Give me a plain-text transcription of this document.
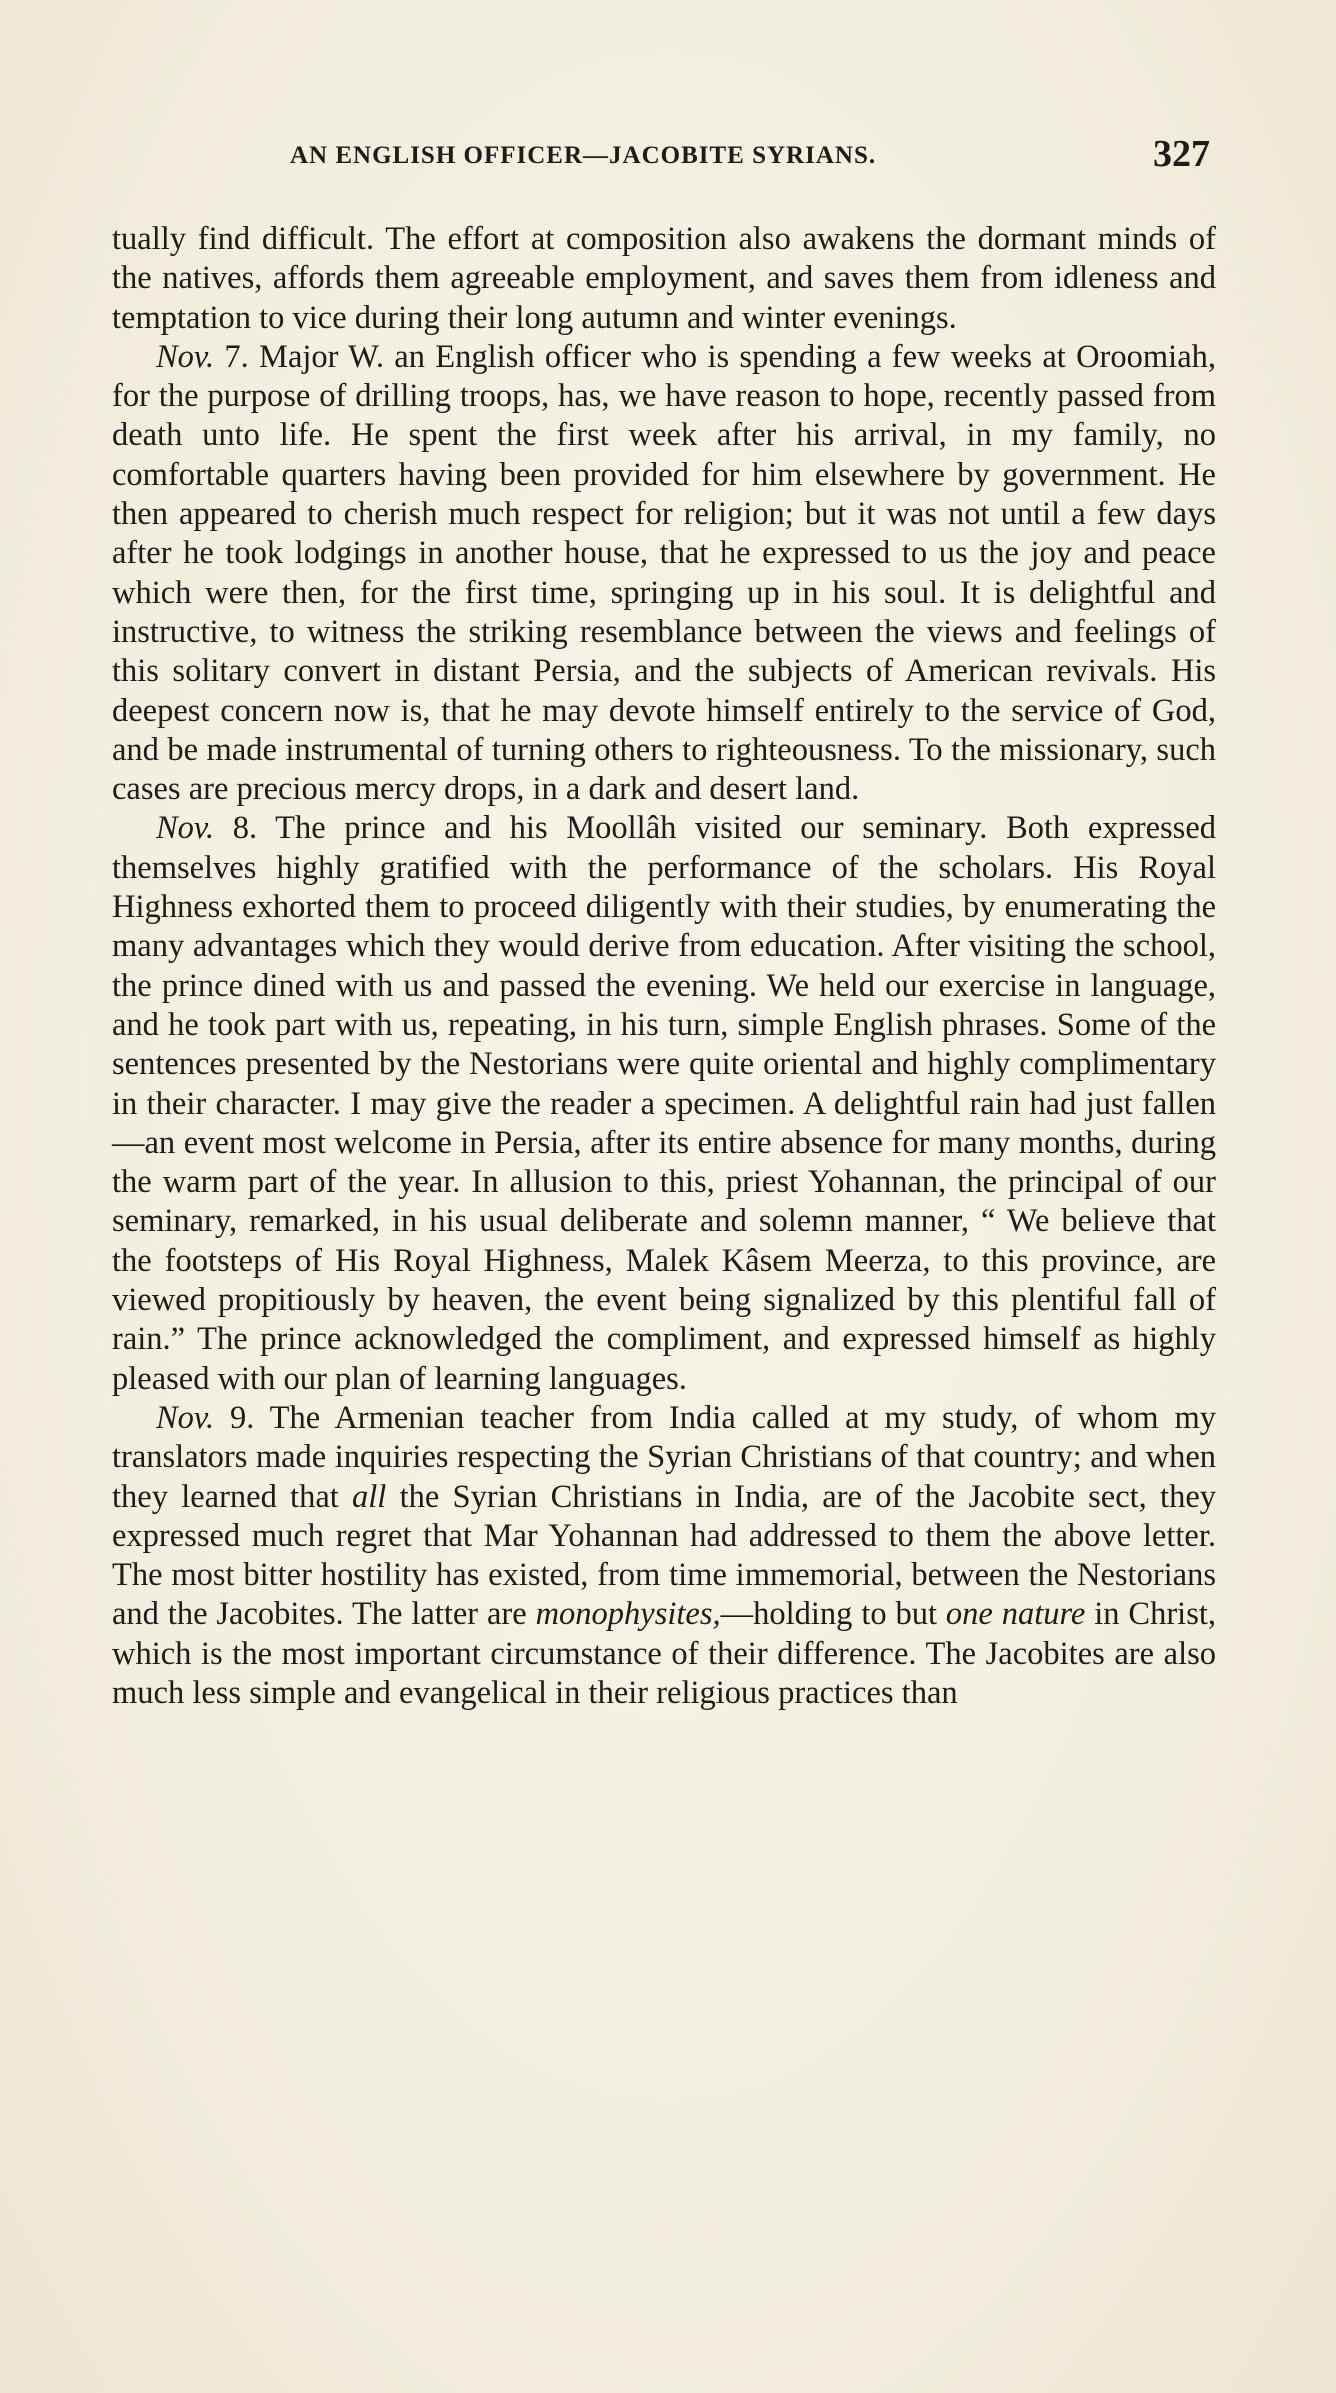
AN ENGLISH OFFICER—JACOBITE SYRIANS.	327

tually find difficult. The effort at composition also awakens the dormant minds of the natives, affords them agreeable employment, and saves them from idleness and temptation to vice during their long autumn and winter evenings.

Nov. 7. Major W. an English officer who is spending a few weeks at Oroomiah, for the purpose of drilling troops, has, we have reason to hope, recently passed from death unto life. He spent the first week after his arrival, in my family, no comfortable quarters having been provided for him elsewhere by government. He then appeared to cherish much respect for religion; but it was not until a few days after he took lodgings in another house, that he expressed to us the joy and peace which were then, for the first time, springing up in his soul. It is delightful and instructive, to witness the striking resemblance between the views and feelings of this solitary convert in distant Persia, and the subjects of American revivals. His deepest concern now is, that he may devote himself entirely to the service of God, and be made instrumental of turning others to righteousness. To the missionary, such cases are precious mercy drops, in a dark and desert land.

Nov. 8. The prince and his Moollâh visited our seminary. Both expressed themselves highly gratified with the performance of the scholars. His Royal Highness exhorted them to proceed diligently with their studies, by enumerating the many advantages which they would derive from education. After visiting the school, the prince dined with us and passed the evening. We held our exercise in language, and he took part with us, repeating, in his turn, simple English phrases. Some of the sentences presented by the Nestorians were quite oriental and highly complimentary in their character. I may give the reader a specimen. A delightful rain had just fallen—an event most welcome in Persia, after its entire absence for many months, during the warm part of the year. In allusion to this, priest Yohannan, the principal of our seminary, remarked, in his usual deliberate and solemn manner, “ We believe that the footsteps of His Royal Highness, Malek Kâsem Meerza, to this province, are viewed propitiously by heaven, the event being signalized by this plentiful fall of rain.” The prince acknowledged the compliment, and expressed himself as highly pleased with our plan of learning languages.

Nov. 9. The Armenian teacher from India called at my study, of whom my translators made inquiries respecting the Syrian Christians of that country; and when they learned that all the Syrian Christians in India, are of the Jacobite sect, they expressed much regret that Mar Yohannan had addressed to them the above letter. The most bitter hostility has existed, from time immemorial, between the Nestorians and the Jacobites. The latter are monophysites,—holding to but one nature in Christ, which is the most important circumstance of their difference. The Jacobites are also much less simple and evangelical in their religious practices than
